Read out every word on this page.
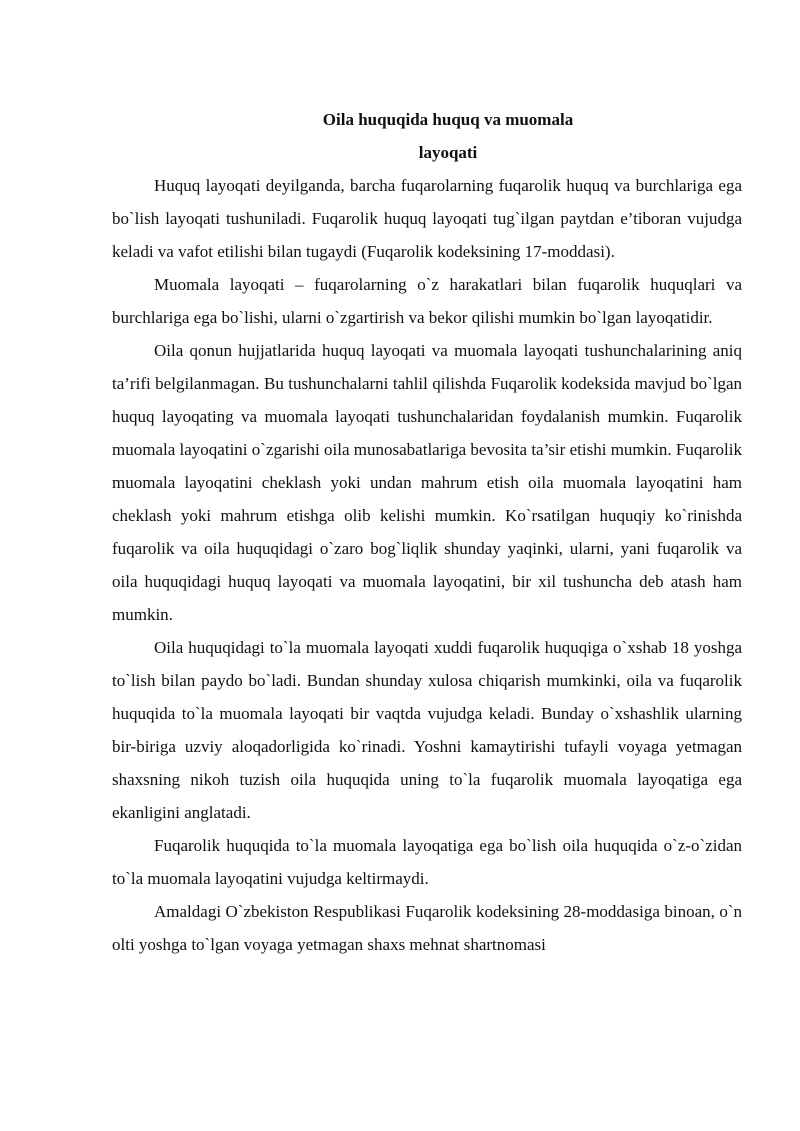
Oila huquqida huquq va muomala

layoqati

Huquq layoqati deyilganda, barcha fuqarolarning fuqarolik huquq va burchlariga ega bo`lish layoqati tushuniladi. Fuqarolik huquq layoqati tug`ilgan paytdan e’tiboran vujudga keladi va vafot etilishi bilan tugaydi (Fuqarolik kodeksining 17-moddasi).

Muomala layoqati – fuqarolarning o`z harakatlari bilan fuqarolik huquqlari va burchlariga ega bo`lishi, ularni o`zgartirish va bekor qilishi mumkin bo`lgan layoqatidir.

Oila qonun hujjatlarida huquq layoqati va muomala layoqati tushunchalarining aniq ta’rifi belgilanmagan. Bu tushunchalarni tahlil qilishda Fuqarolik kodeksida mavjud bo`lgan huquq layoqating va muomala layoqati tushunchalaridan foydalanish mumkin. Fuqarolik muomala layoqatini o`zgarishi oila munosabatlariga bevosita ta’sir etishi mumkin. Fuqarolik muomala layoqatini cheklash yoki undan mahrum etish oila muomala layoqatini ham cheklash yoki mahrum etishga olib kelishi mumkin. Ko`rsatilgan huquqiy ko`rinishda fuqarolik va oila huquqidagi o`zaro bog`liqlik shunday yaqinki, ularni, yani fuqarolik va oila huquqidagi huquq layoqati va muomala layoqatini, bir xil tushuncha deb atash ham mumkin.

Oila huquqidagi to`la muomala layoqati xuddi fuqarolik huquqiga o`xshab 18 yoshga to`lish bilan paydo bo`ladi. Bundan shunday xulosa chiqarish mumkinki, oila va fuqarolik huquqida to`la muomala layoqati bir vaqtda vujudga keladi. Bunday o`xshashlik ularning bir-biriga uzviy aloqadorligida ko`rinadi. Yoshni kamaytirishi tufayli voyaga yetmagan shaxsning nikoh tuzish oila huquqida uning to`la fuqarolik muomala layoqatiga ega ekanligini anglatadi.

Fuqarolik huquqida to`la muomala layoqatiga ega bo`lish oila huquqida o`z-o`zidan to`la muomala layoqatini vujudga keltirmaydi.

Amaldagi O`zbekiston Respublikasi Fuqarolik kodeksining 28-moddasiga binoan, o`n olti yoshga to`lgan voyaga yetmagan shaxs mehnat shartnomasi
